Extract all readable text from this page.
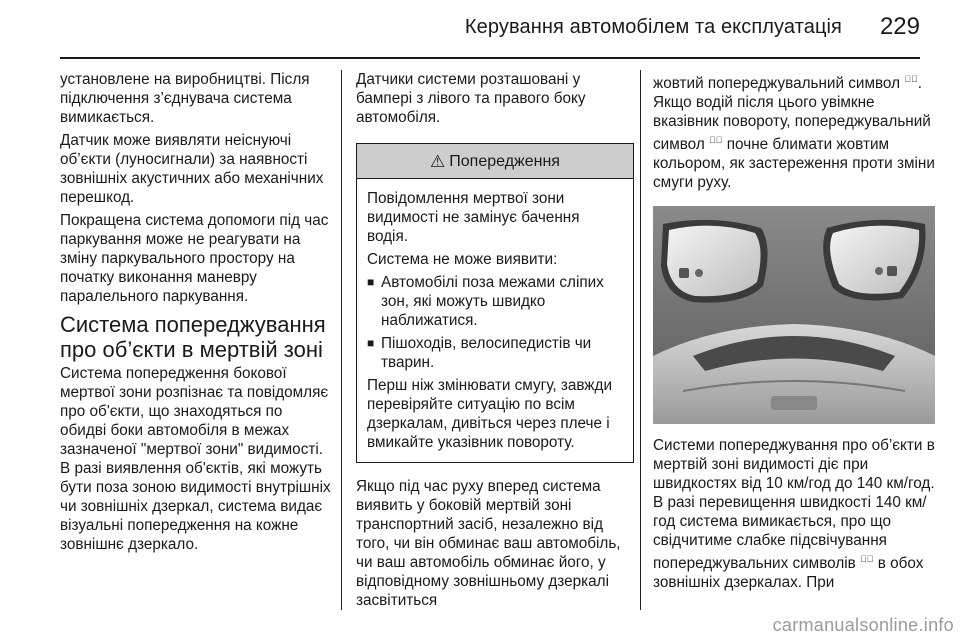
Керування автомобілем та експлуатація 229

установлене на виробництві. Після підключення з’єднувача система вимикається.

Датчик може виявляти неіснуючі об’єкти (луносигнали) за наявності зовнішніх акустичних або механічних перешкод.

Покращена система допомоги під час паркування може не реагувати на зміну паркувального простору на початку виконання маневру паралельного паркування.

Система попереджування про об’єкти в мертвій зоні

Система попередження бокової мертвої зони розпізнає та повідомляє про об'єкти, що знаходяться по обидві боки автомобіля в межах зазначеної "мертвої зони" видимості. В разі виявлення об'єктів, які можуть бути поза зоною видимості внутрішніх чи зовнішніх дзеркал, система видає візуальні попередження на кожне зовнішнє дзеркало.

Датчики системи розташовані у бампері з лівого та правого боку автомобіля.

⚠ Попередження

Повідомлення мертвої зони видимості не замінує бачення водія.

Система не може виявити:

■ Автомобілі поза межами сліпих зон, які можуть швидко наближатися.
■ Пішоходів, велосипедистів чи тварин.

Перш ніж змінювати смугу, завжди перевіряйте ситуацію по всім дзеркалам, дивіться через плече і вмикайте указівник повороту.

Якщо під час руху вперед система виявить у боковій мертвій зоні транспортний засіб, незалежно від того, чи він обминає ваш автомобіль, чи ваш автомобіль обминає його, у відповідному зовнішньому дзеркалі засвітиться

жовтий попереджувальний символ ▗⃟. Якщо водій після цього увімкне вказівник повороту, попереджувальний символ ▗⃟ почне блимати жовтим кольором, як застереження проти зміни смуги руху.

Системи попереджування про об’єкти в мертвій зоні видимості діє при швидкостях від 10 км/год до 140 км/год. В разі перевищення швидкості 140 км/год система вимикається, про що свідчитиме слабке підсвічування попереджувальних символів ▗⃟ в обох зовнішніх дзеркалах. При

carmanualsonline.info
